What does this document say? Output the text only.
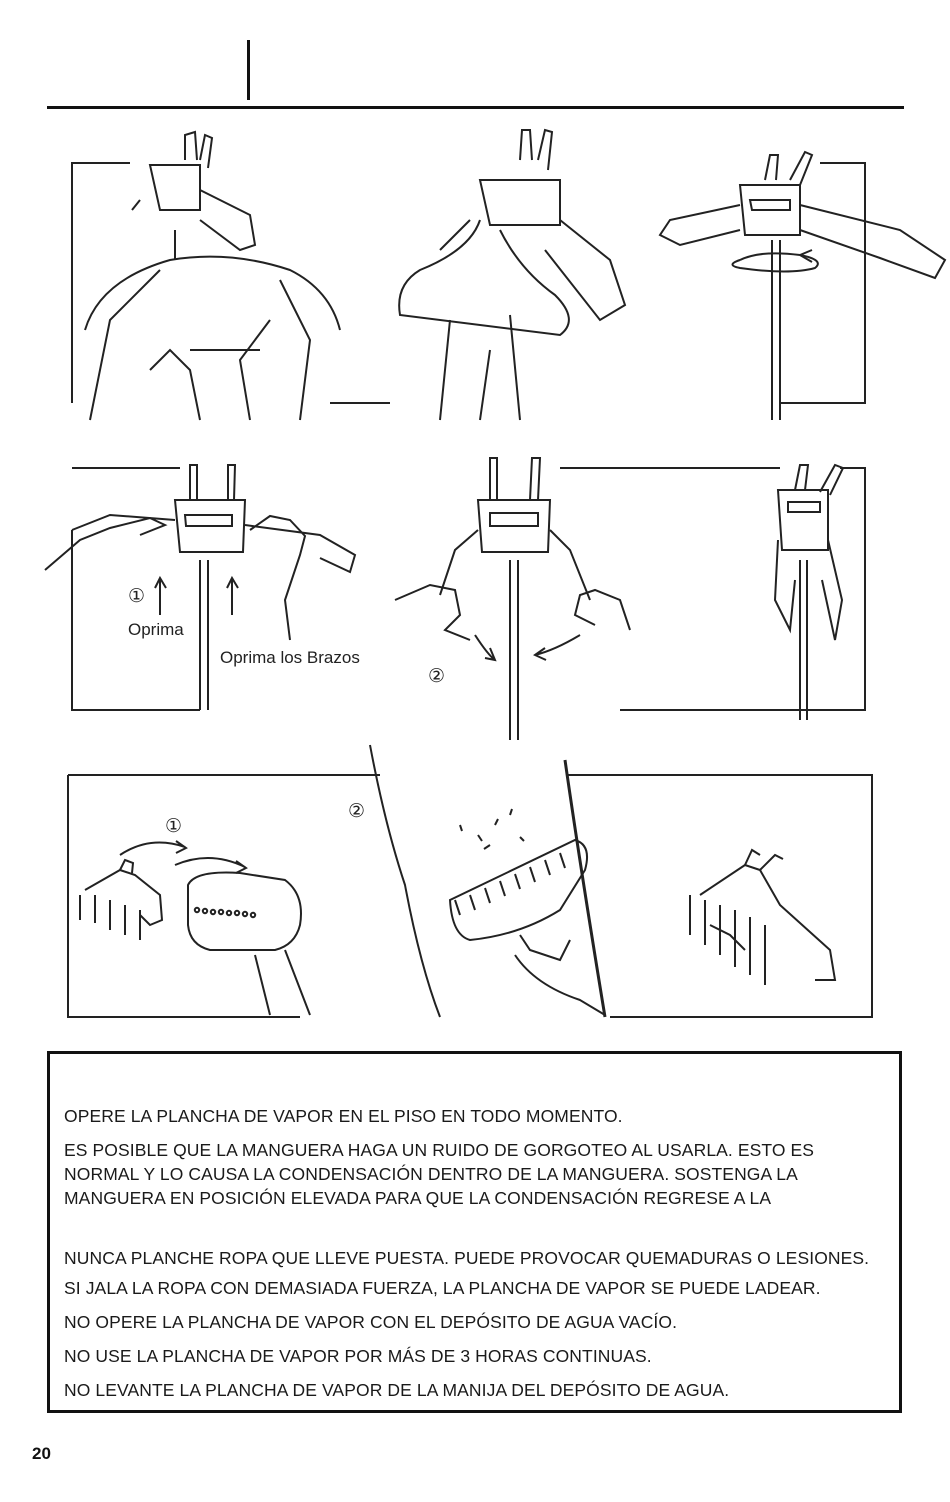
①
Oprima
Oprima los Brazos
②
①
②

OPERE LA PLANCHA DE VAPOR EN EL PISO EN TODO MOMENTO.

ES POSIBLE QUE LA MANGUERA HAGA UN RUIDO DE GORGOTEO AL USARLA. ESTO ES NORMAL Y LO CAUSA LA CONDENSACIÓN DENTRO DE LA MANGUERA. SOSTENGA LA MANGUERA EN POSICIÓN ELEVADA PARA QUE LA CONDENSACIÓN REGRESE A LA

NUNCA PLANCHE ROPA QUE LLEVE PUESTA. PUEDE PROVOCAR QUEMADURAS O LESIONES.

SI JALA LA ROPA CON DEMASIADA FUERZA, LA PLANCHA DE VAPOR SE PUEDE LADEAR.

NO OPERE LA PLANCHA DE VAPOR CON EL DEPÓSITO DE AGUA VACÍO.

NO USE LA PLANCHA DE VAPOR POR MÁS DE 3 HORAS CONTINUAS.

NO LEVANTE LA PLANCHA DE VAPOR DE LA MANIJA DEL DEPÓSITO DE AGUA.

20
